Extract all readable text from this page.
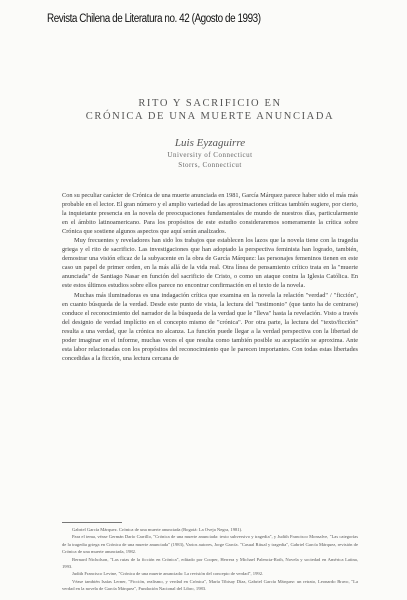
Revista Chilena de Literatura no. 42 (Agosto de 1993)
RITO Y SACRIFICIO EN
CRÓNICA DE UNA MUERTE ANUNCIADA
Luis Eyzaguirre
University of Connecticut
Storrs, Connecticut

Con su peculiar carácter de Crónica de una muerte anunciada en 1981, García Márquez parece haber sido el más más probable en el lector. El gran número y el amplio variedad de las aproximaciones críticas también sugiere, por cierto, la inquietante presencia en la novela de preocupaciones fundamentales de mundo de nuestros días, particularmente en el ámbito latinoamericano. Para los propósitos de este estudio consideraremos someramente la crítica sobre Crónica que sostiene algunos aspectos que aquí serán analizados.

Muy frecuentes y reveladores han sido los trabajos que establecen los lazos que la novela tiene con la tragedia griega y el rito de sacrificio. Las investigaciones que han adoptado la perspectiva feminista han logrado, también, demostrar una visión eficaz de la subyacente en la obra de García Márquez: las personajes femeninos tienen en este caso un papel de primer orden, en la más allá de la vida real. Otra línea de pensamiento crítico trata en la "muerte anunciada" de Santiago Nasar en función del sacrificio de Cristo, o como un ataque contra la Iglesia Católica. En este estos últimos estudios sobre ellos parece no encontrar confirmación en el texto de la novela.

Muchas más iluminadoras es una indagación crítica que examina en la novela la relación "verdad" / "ficción", en cuanto búsqueda de la verdad. Desde este punto de vista, la lectura del "testimonio" (que tanto ha de centrarse) conduce el reconocimiento del narrador de la búsqueda de la verdad que le "lleva" hasta la revelación. Visto a través del designio de verdad implícito en el concepto mismo de "crónica". Por otra parte, la lectura del "texto/ficción" resulta a una verdad, que la crónica no alcanza. La función puede llegar a la verdad perspectiva con la libertad de poder imaginar en el informe, muchas veces el que resulta como también posible su aceptación se aproxima. Ante esta labor relacionadas con los propósitos del reconocimiento que le parecen importantes. Con todas estas libertades concedidas a la ficción, una lectura cercana de

Gabriel García Márquez. Crónica de una muerte anunciada (Bogotá: La Oveja Negra, 1981).

Para el tema, véase Germán Darío Carrillo, "Crónica de una muerte anunciada: texto subversivo y tragedia", y Judith Francisco Monsalve, "Las categorías de la tragedia griega en Crónica de una muerte anunciada" (1983), Varios autores, Jorge García. "Casual Ritual y tragedia", Gabriel García Márquez, revisión de Crónica de una muerte anunciada, 1982.

Bernard Nicholson, "Las rutas de la ficción en Crónica", editado por Cooper, Herrera y Michael Palencia-Roth, Novela y sociedad en América Latina, 1993.

Judith Francisco Levine, "Crónica de una muerte anunciada: La revisión del concepto de verdad", 1992.

Véase también Isaías Lerner, "Ficción, realismo, y verdad en Crónica", María Tibisay Díaz, Gabriel García Márquez: un retrato, Leonardo Bravo, "La verdad en la novela de García Márquez", Fundación Nacional del Libro, 1983.
